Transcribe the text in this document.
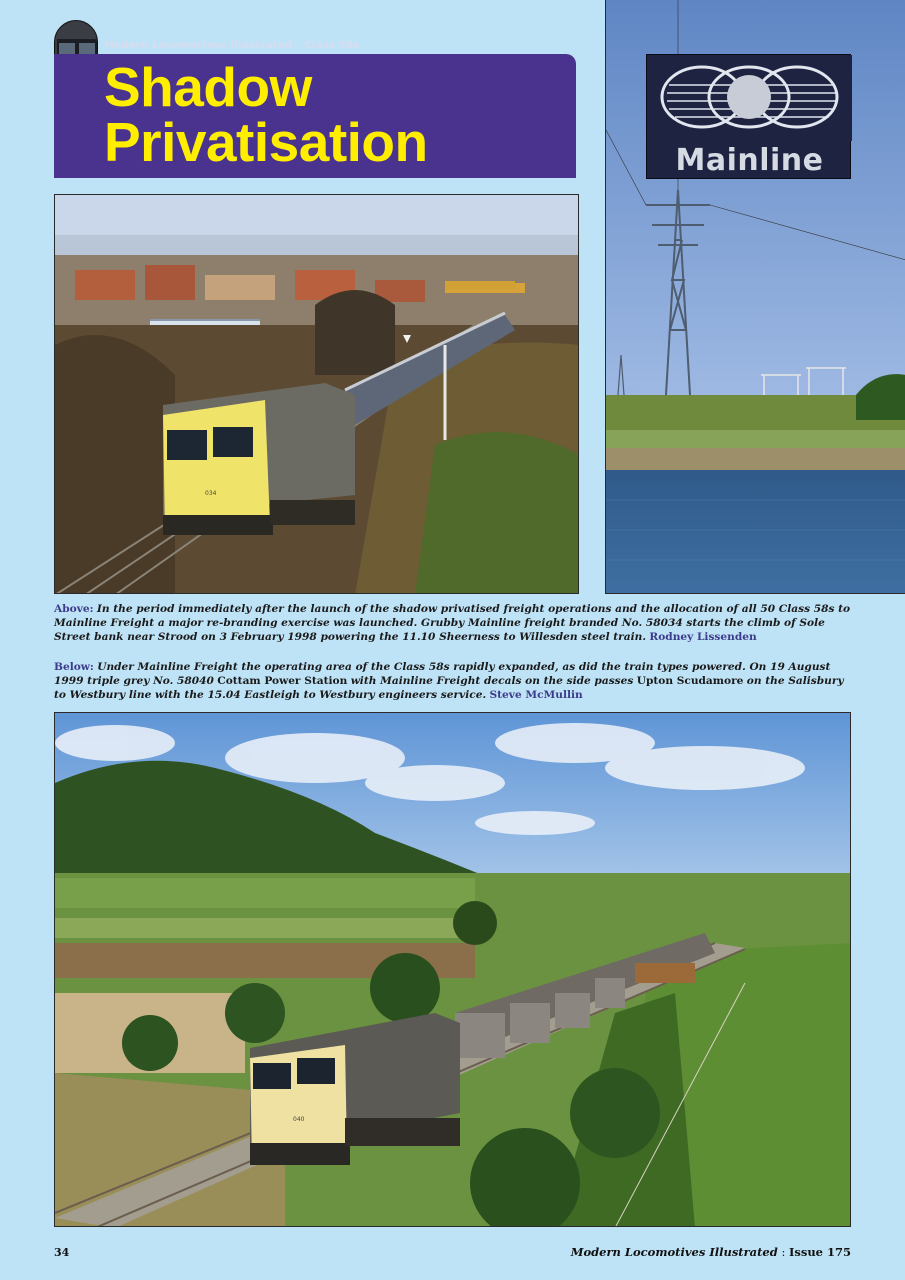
Modern Locomotives Illustrated - Class 58s
Shadow
Privatisation	Mainline
034
Above: In the period immediately after the launch of the shadow privatised freight operations and the allocation of all 50 Class 58s to Mainline Freight a major re-branding exercise was launched. Grubby Mainline freight branded No. 58034 starts the climb of Sole Street bank near Strood on 3 February 1998 powering the 11.10 Sheerness to Willesden steel train. Rodney Lissenden
Below: Under Mainline Freight the operating area of the Class 58s rapidly expanded, as did the train types powered. On 19 August 1999 triple grey No. 58040 Cottam Power Station with Mainline Freight decals on the side passes Upton Scudamore on the Salisbury to Westbury line with the 15.04 Eastleigh to Westbury engineers service. Steve McMullin
040
34	Modern Locomotives Illustrated : Issue 175
